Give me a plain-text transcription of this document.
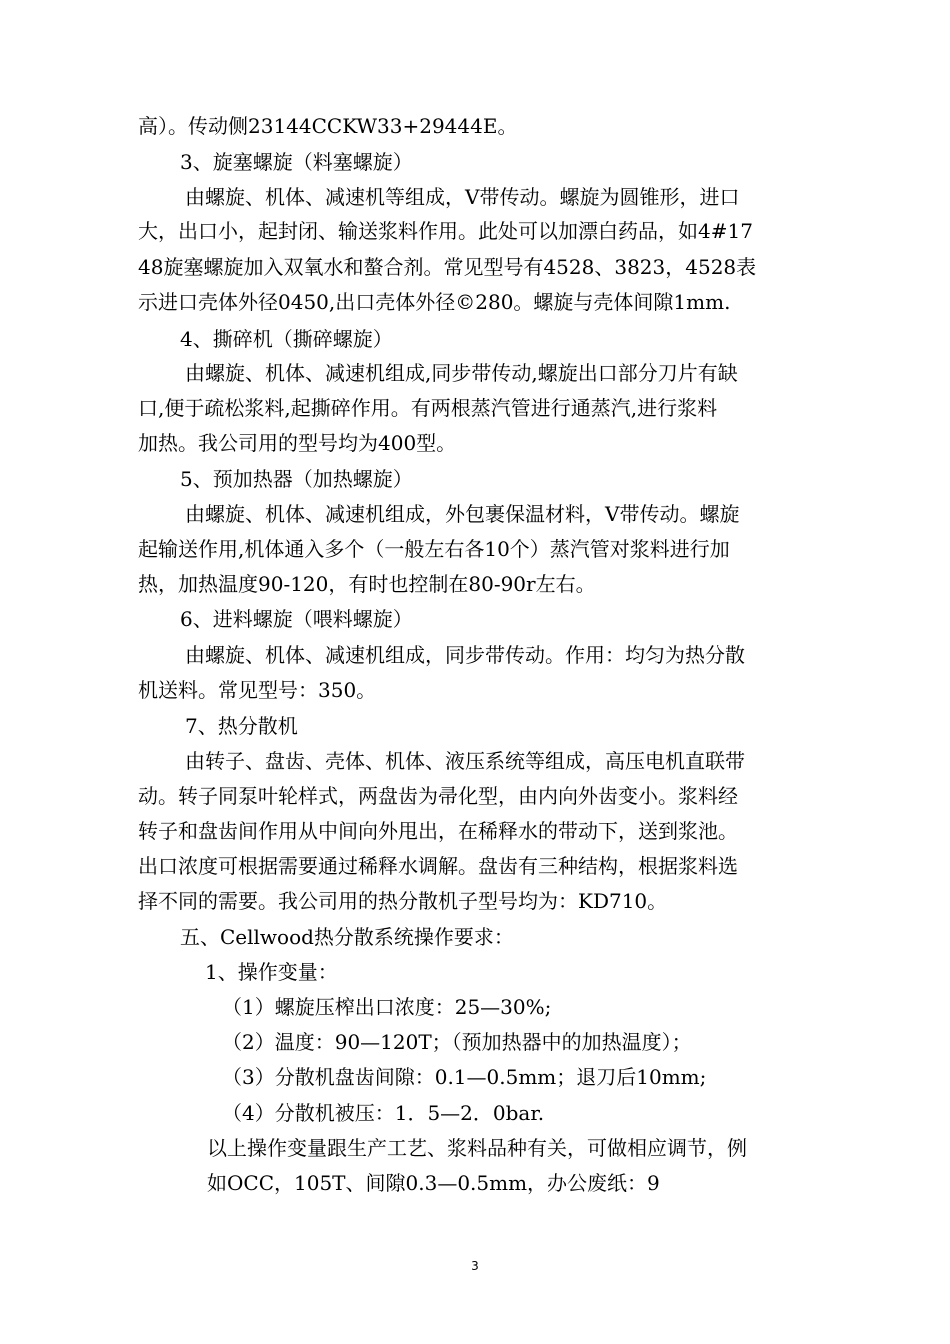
高）。传动侧23144CCKW33+29444E。
3、旋塞螺旋（料塞螺旋）
由螺旋、机体、减速机等组成，V带传动。螺旋为圆锥形，进口
大，出口小，起封闭、输送浆料作用。此处可以加漂白药品，如4#17
48旋塞螺旋加入双氧水和螯合剂。常见型号有4528、3823，4528表
示进口壳体外径0450,出口壳体外径©280。螺旋与壳体间隙1mm.
4、撕碎机（撕碎螺旋）
由螺旋、机体、减速机组成,同步带传动,螺旋出口部分刀片有缺
口,便于疏松浆料,起撕碎作用。有两根蒸汽管进行通蒸汽,进行浆料
加热。我公司用的型号均为400型。
5、预加热器（加热螺旋）
由螺旋、机体、减速机组成，外包裹保温材料，V带传动。螺旋
起输送作用,机体通入多个（一般左右各10个）蒸汽管对浆料进行加
热，加热温度90-120，有时也控制在80-90r左右。
6、进料螺旋（喂料螺旋）
由螺旋、机体、减速机组成，同步带传动。作用：均匀为热分散
机送料。常见型号：350。
7、热分散机
由转子、盘齿、壳体、机体、液压系统等组成，高压电机直联带
动。转子同泵叶轮样式，两盘齿为帚化型，由内向外齿变小。浆料经
转子和盘齿间作用从中间向外甩出，在稀释水的带动下，送到浆池。
出口浓度可根据需要通过稀释水调解。盘齿有三种结构，根据浆料选
择不同的需要。我公司用的热分散机子型号均为：KD710。
五、Cellwood热分散系统操作要求：
1、操作变量：
（1）螺旋压榨出口浓度：25—30%;
（2）温度：90—120T；（预加热器中的加热温度）；
（3）分散机盘齿间隙：0.1—0.5mm；退刀后10mm;
（4）分散机被压：1．5—2．0bar.
以上操作变量跟生产工艺、浆料品种有关，可做相应调节，例
如OCC，105T、间隙0.3—0.5mm，办公废纸：9
3
